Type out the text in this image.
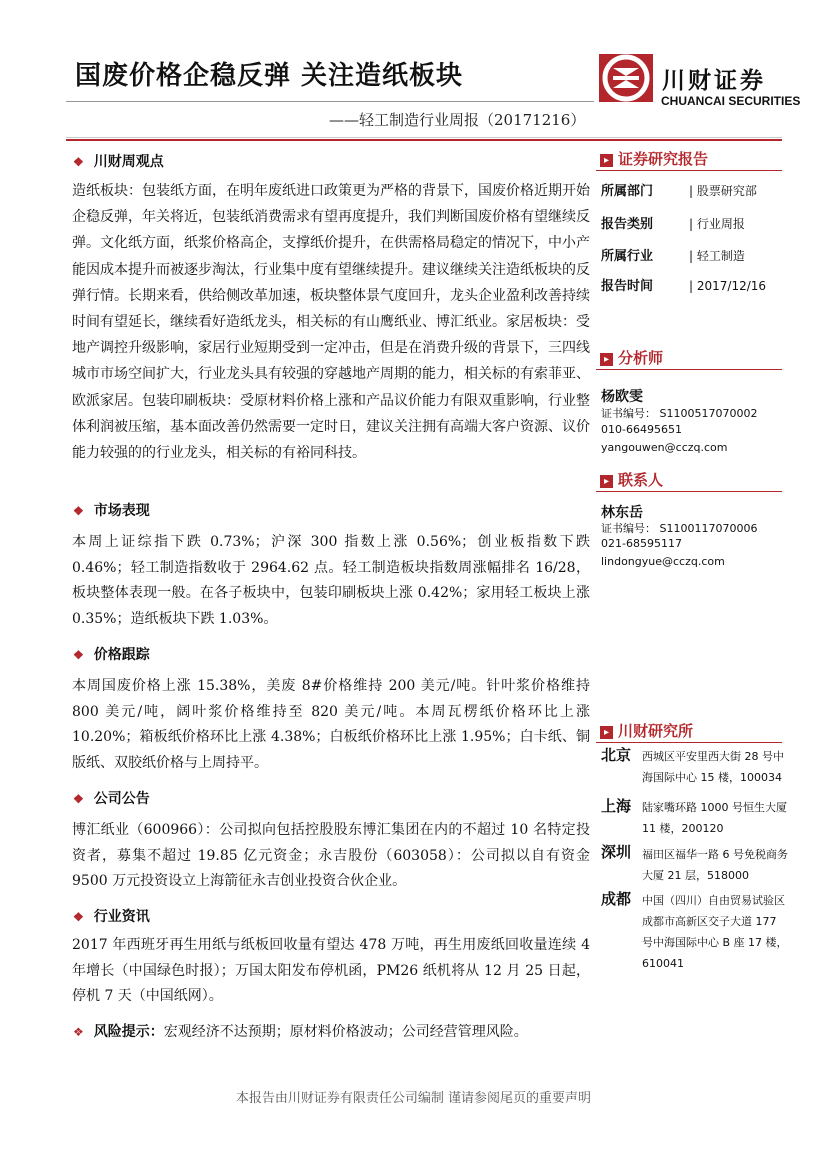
国废价格企稳反弹 关注造纸板块
——轻工制造行业周报（20171216）
川财证券
CHUANCAI SECURITIES
❖ 川财周观点
造纸板块：包装纸方面，在明年废纸进口政策更为严格的背景下，国废价格近期开始企稳反弹，年关将近，包装纸消费需求有望再度提升，我们判断国废价格有望继续反弹。文化纸方面，纸浆价格高企，支撑纸价提升，在供需格局稳定的情况下，中小产能因成本提升而被逐步淘汰，行业集中度有望继续提升。建议继续关注造纸板块的反弹行情。长期来看，供给侧改革加速，板块整体景气度回升，龙头企业盈利改善持续时间有望延长，继续看好造纸龙头，相关标的有山鹰纸业、博汇纸业。家居板块：受地产调控升级影响，家居行业短期受到一定冲击，但是在消费升级的背景下，三四线城市市场空间扩大，行业龙头具有较强的穿越地产周期的能力，相关标的有索菲亚、欧派家居。包装印刷板块：受原材料价格上涨和产品议价能力有限双重影响，行业整体利润被压缩，基本面改善仍然需要一定时日，建议关注拥有高端大客户资源、议价能力较强的的行业龙头，相关标的有裕同科技。
❖ 市场表现
本周上证综指下跌 0.73%；沪深 300 指数上涨 0.56%；创业板指数下跌 0.46%；轻工制造指数收于 2964.62 点。轻工制造板块指数周涨幅排名 16/28，板块整体表现一般。在各子板块中，包装印刷板块上涨 0.42%；家用轻工板块上涨 0.35%；造纸板块下跌 1.03%。
❖ 价格跟踪
本周国废价格上涨 15.38%，美废 8#价格维持 200 美元/吨。针叶浆价格维持 800 美元/吨，阔叶浆价格维持至 820 美元/吨。本周瓦楞纸价格环比上涨 10.20%；箱板纸价格环比上涨 4.38%；白板纸价格环比上涨 1.95%；白卡纸、铜版纸、双胶纸价格与上周持平。
❖ 公司公告
博汇纸业（600966）：公司拟向包括控股股东博汇集团在内的不超过 10 名特定投资者，募集不超过 19.85 亿元资金；永吉股份（603058）：公司拟以自有资金 9500 万元投资设立上海箭征永吉创业投资合伙企业。
❖ 行业资讯
2017 年西班牙再生用纸与纸板回收量有望达 478 万吨，再生用废纸回收量连续 4 年增长（中国绿色时报）；万国太阳发布停机函，PM26 纸机将从 12 月 25 日起，停机 7 天（中国纸网）。
❖ 风险提示：宏观经济不达预期；原材料价格波动；公司经营管理风险。
▸ 证券研究报告
所属部门	| 股票研究部
报告类别	| 行业周报
所属行业	| 轻工制造
报告时间	| 2017/12/16
▸ 分析师
杨欧雯
证书编号： S1100517070002
010-66495651
yangouwen@cczq.com
▸ 联系人
林东岳
证书编号： S1100117070006
021-68595117
lindongyue@cczq.com
▸ 川财研究所
北京 西城区平安里西大街 28 号中海国际中心 15 楼，100034
上海 陆家嘴环路 1000 号恒生大厦 11 楼，200120
深圳 福田区福华一路 6 号免税商务大厦 21 层，518000
成都 中国（四川）自由贸易试验区成都市高新区交子大道 177 号中海国际中心 B 座 17 楼，610041
本报告由川财证券有限责任公司编制 谨请参阅尾页的重要声明
